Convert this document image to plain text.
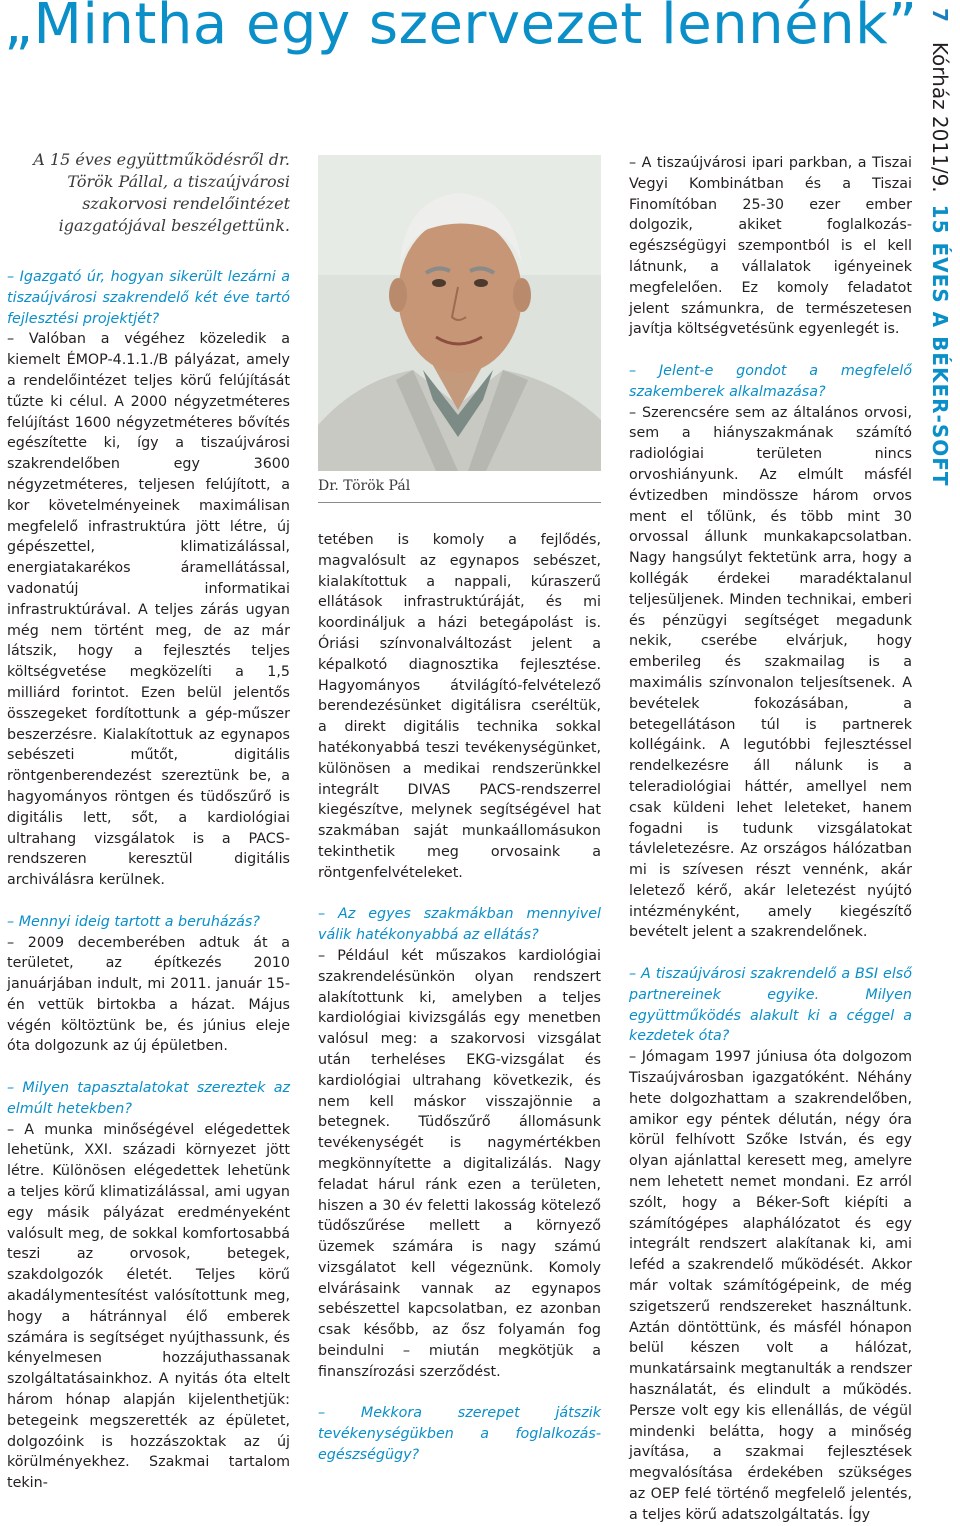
„Mintha egy szervezet lennénk” 7
Kórház 2011/9.
15 ÉVES A BÉKER-SOFT

A 15 éves együttműködésről dr. Török Pállal, a tiszaújvárosi szakorvosi rendelőintézet igazgatójával beszélgettünk.

Dr. Török Pál

– Igazgató úr, hogyan sikerült lezárni a tiszaújvárosi szakrendelő két éve tartó fejlesztési projektjét?

– Valóban a végéhez közeledik a kiemelt ÉMOP-4.1.1./B pályázat, amely a rendelőintézet teljes körű felújítását tűzte ki célul. A 2000 négyzetméteres felújítást 1600 négyzetméteres bővítés egészítette ki, így a tiszaújvárosi szakrendelőben egy 3600 négyzetméteres, teljesen felújított, a kor követelményeinek maximálisan megfelelő infrastruktúra jött létre, új gépészettel, klimatizálással, energiatakarékos áramellátással, vadonatúj informatikai infrastruktúrával. A teljes zárás ugyan még nem történt meg, de az már látszik, hogy a fejlesztés teljes költségvetése megközelíti a 1,5 milliárd forintot. Ezen belül jelentős összegeket fordítottunk a gép-műszer beszerzésre. Kialakítottuk az egynapos sebészeti műtőt, digitális röntgenberendezést szereztünk be, a hagyományos röntgen és tüdőszűrő is digitális lett, sőt, a kardiológiai ultrahang vizsgálatok is a PACS-rendszeren keresztül digitális archiválásra kerülnek.

– Mennyi ideig tartott a beruházás?

– 2009 decemberében adtuk át a területet, az építkezés 2010 januárjában indult, mi 2011. január 15-én vettük birtokba a házat. Május végén költöztünk be, és június eleje óta dolgozunk az új épületben.

– Milyen tapasztalatokat szereztek az elmúlt hetekben?

– A munka minőségével elégedettek lehetünk, XXI. századi környezet jött létre. Különösen elégedettek lehetünk a teljes körű klimatizálással, ami ugyan egy másik pályázat eredményeként valósult meg, de sokkal komfortosabbá teszi az orvosok, betegek, szakdolgozók életét. Teljes körű akadálymentesítést valósítottunk meg, hogy a hátránnyal élő emberek számára is segítséget nyújthassunk, és kényelmesen hozzájuthassanak szolgáltatásainkhoz. A nyitás óta eltelt három hónap alapján kijelenthetjük: betegeink megszerették az épületet, dolgozóink is hozzászoktak az új körülményekhez. Szakmai tartalom tekin-

tetében is komoly a fejlődés, magvalósult az egynapos sebészet, kialakítottuk a nappali, kúraszerű ellátások infrastruktúráját, és mi koordináljuk a házi betegápolást is. Óriási színvonalváltozást jelent a képalkotó diagnosztika fejlesztése. Hagyományos átvilágító-felvételező berendezésünket digitálisra cseréltük, a direkt digitális technika sokkal hatékonyabbá teszi tevékenységünket, különösen a medikai rendszerünkkel integrált DIVAS PACS-rendszerrel kiegészítve, melynek segítségével hat szakmában saját munkaállomásukon tekinthetik meg orvosaink a röntgenfelvételeket.

– Az egyes szakmákban mennyivel válik hatékonyabbá az ellátás?

– Például két műszakos kardiológiai szakrendelésünkön olyan rendszert alakítottunk ki, amelyben a teljes kardiológiai kivizsgálás egy menetben valósul meg: a szakorvosi vizsgálat után terheléses EKG-vizsgálat és kardiológiai ultrahang következik, és nem kell máskor visszajönnie a betegnek. Tüdőszűrő állomásunk tevékenységét is nagymértékben megkönnyítette a digitalizálás. Nagy feladat hárul ránk ezen a területen, hiszen a 30 év feletti lakosság kötelező tüdőszűrése mellett a környező üzemek számára is nagy számú vizsgálatot kell végeznünk. Komoly elvárásaink vannak az egynapos sebészettel kapcsolatban, ez azonban csak később, az ősz folyamán fog beindulni – miután megkötjük a finanszírozási szerződést.

– Mekkora szerepet játszik tevékenységükben a foglalkozás-egészségügy?

– A tiszaújvárosi ipari parkban, a Tiszai Vegyi Kombinátban és a Tiszai Finomítóban 25-30 ezer ember dolgozik, akiket foglalkozás-egészségügyi szempontból is el kell látnunk, a vállalatok igényeinek megfelelően. Ez komoly feladatot jelent számunkra, de természetesen javítja költségvetésünk egyenlegét is.

– Jelent-e gondot a megfelelő szakemberek alkalmazása?

– Szerencsére sem az általános orvosi, sem a hiányszakmának számító radiológiai területen nincs orvoshiányunk. Az elmúlt másfél évtizedben mindössze három orvos ment el tőlünk, és több mint 30 orvossal állunk munkakapcsolatban. Nagy hangsúlyt fektetünk arra, hogy a kollégák érdekei maradéktalanul teljesüljenek. Minden technikai, emberi és pénzügyi segítséget megadunk nekik, cserébe elvárjuk, hogy emberileg és szakmailag is a maximális színvonalon teljesítsenek. A bevételek fokozásában, a betegellátáson túl is partnerek kollégáink. A legutóbbi fejlesztéssel rendelkezésre áll nálunk is a teleradiológiai háttér, amellyel nem csak küldeni lehet leleteket, hanem fogadni is tudunk vizsgálatokat távleletezésre. Az országos hálózatban mi is szívesen részt vennénk, akár leletező kérő, akár leletezést nyújtó intézményként, amely kiegészítő bevételt jelent a szakrendelőnek.

– A tiszaújvárosi szakrendelő a BSI első partnereinek egyike. Milyen együttműködés alakult ki a céggel a kezdetek óta?

– Jómagam 1997 júniusa óta dolgozom Tiszaújvárosban igazgatóként. Néhány hete dolgozhattam a szakrendelőben, amikor egy péntek délután, négy óra körül felhívott Szőke István, és egy olyan ajánlattal keresett meg, amelyre nem lehetett nemet mondani. Ez arról szólt, hogy a Béker-Soft kiépíti a számítógépes alaphálózatot és egy integrált rendszert alakítanak ki, ami leféd a szakrendelő működését. Akkor már voltak számítógépeink, de még szigetszerű rendszereket használtunk. Aztán döntöttünk, és másfél hónapon belül készen volt a hálózat, munkatársaink megtanulták a rendszer használatát, és elindult a működés. Persze volt egy kis ellenállás, de végül mindenki belátta, hogy a minőség javítása, a szakmai fejlesztések megvalósítása érdekében szükséges az OEP felé történő megfelelő jelentés, a teljes körű adatszolgáltatás. Így
